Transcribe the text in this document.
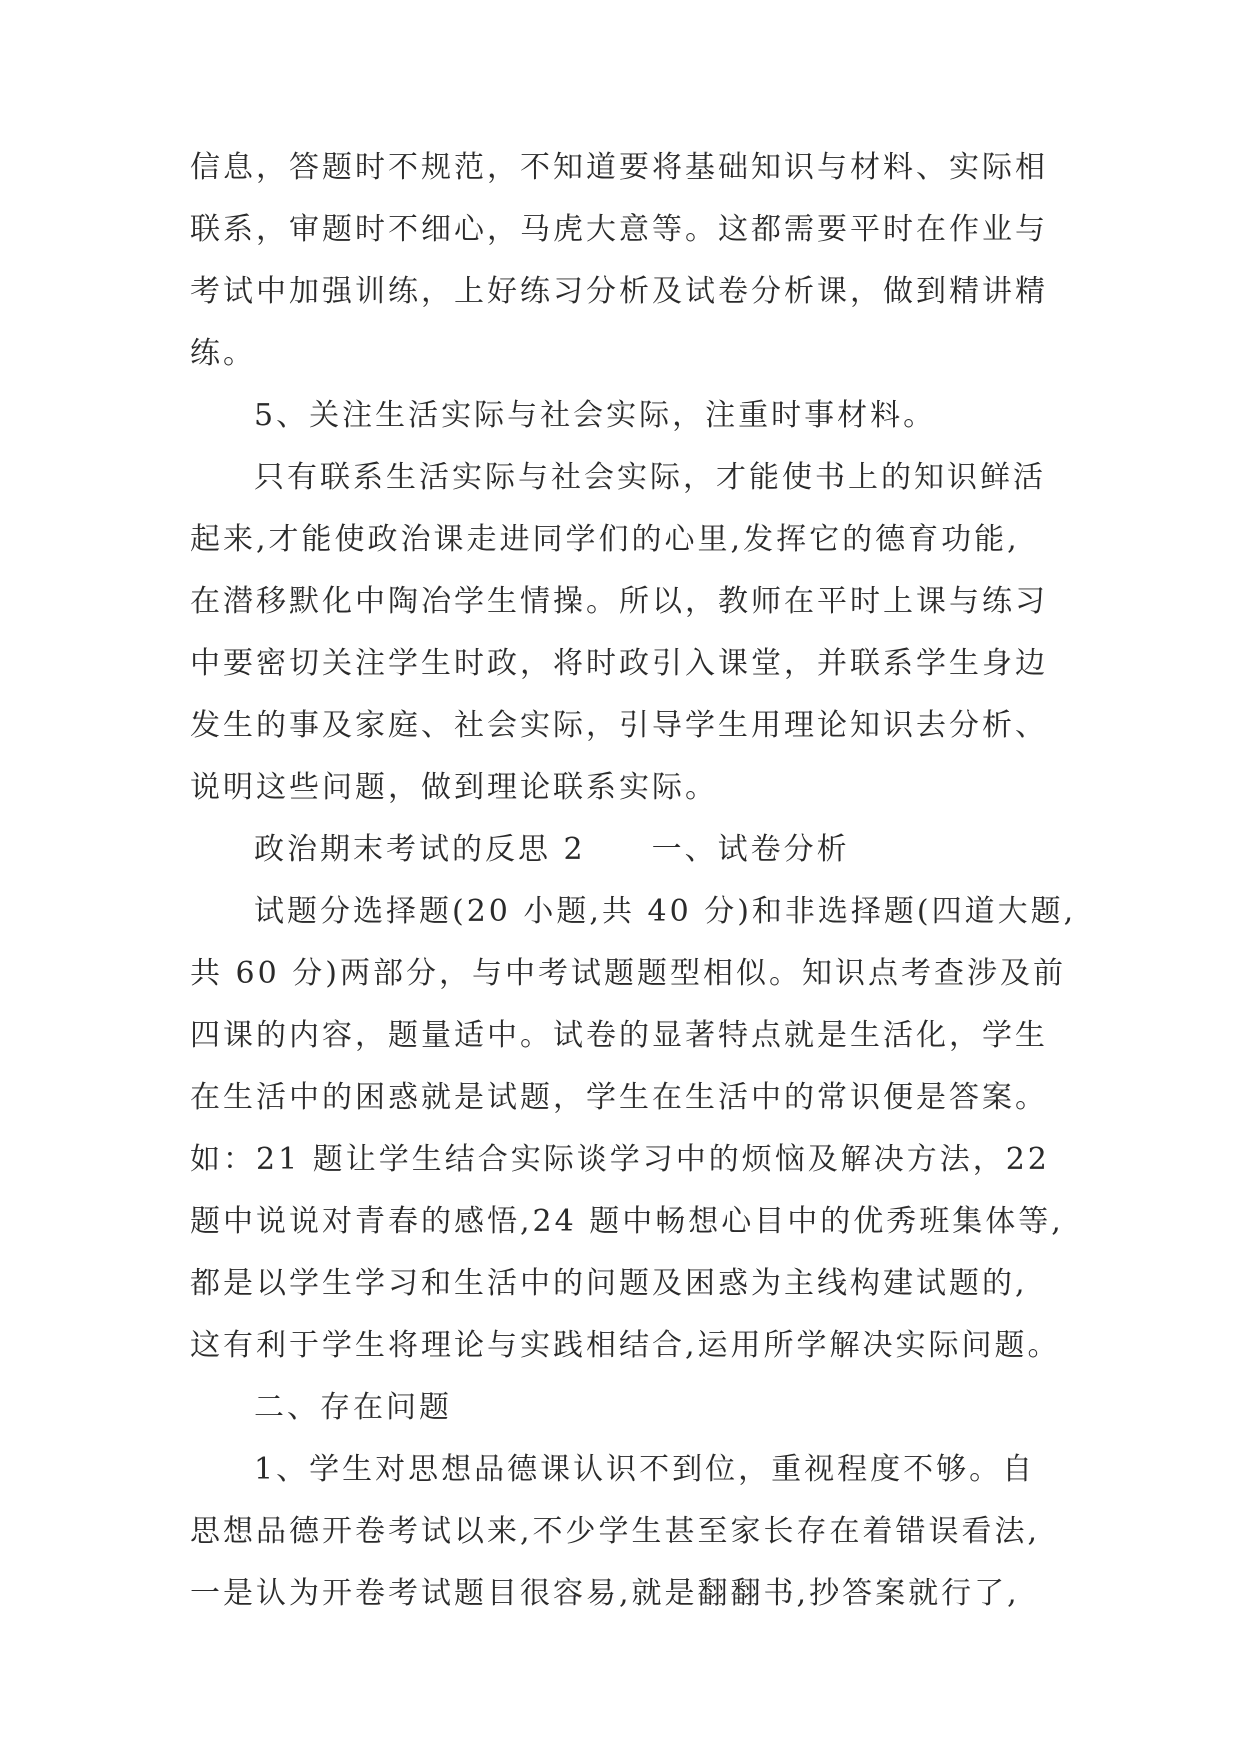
信息，答题时不规范，不知道要将基础知识与材料、实际相
联系，审题时不细心，马虎大意等。这都需要平时在作业与
考试中加强训练，上好练习分析及试卷分析课，做到精讲精
练。
5、关注生活实际与社会实际，注重时事材料。
只有联系生活实际与社会实际，才能使书上的知识鲜活
起来,才能使政治课走进同学们的心里,发挥它的德育功能,
在潜移默化中陶冶学生情操。所以，教师在平时上课与练习
中要密切关注学生时政，将时政引入课堂，并联系学生身边
发生的事及家庭、社会实际，引导学生用理论知识去分析、
说明这些问题，做到理论联系实际。
政治期末考试的反思 2　　一、试卷分析
试题分选择题(20 小题,共 40 分)和非选择题(四道大题,
共 60 分)两部分，与中考试题题型相似。知识点考查涉及前
四课的内容，题量适中。试卷的显著特点就是生活化，学生
在生活中的困惑就是试题，学生在生活中的常识便是答案。
如：21 题让学生结合实际谈学习中的烦恼及解决方法，22
题中说说对青春的感悟,24 题中畅想心目中的优秀班集体等,
都是以学生学习和生活中的问题及困惑为主线构建试题的,
这有利于学生将理论与实践相结合,运用所学解决实际问题。
二、存在问题
1、学生对思想品德课认识不到位，重视程度不够。自
思想品德开卷考试以来,不少学生甚至家长存在着错误看法,
一是认为开卷考试题目很容易,就是翻翻书,抄答案就行了,
